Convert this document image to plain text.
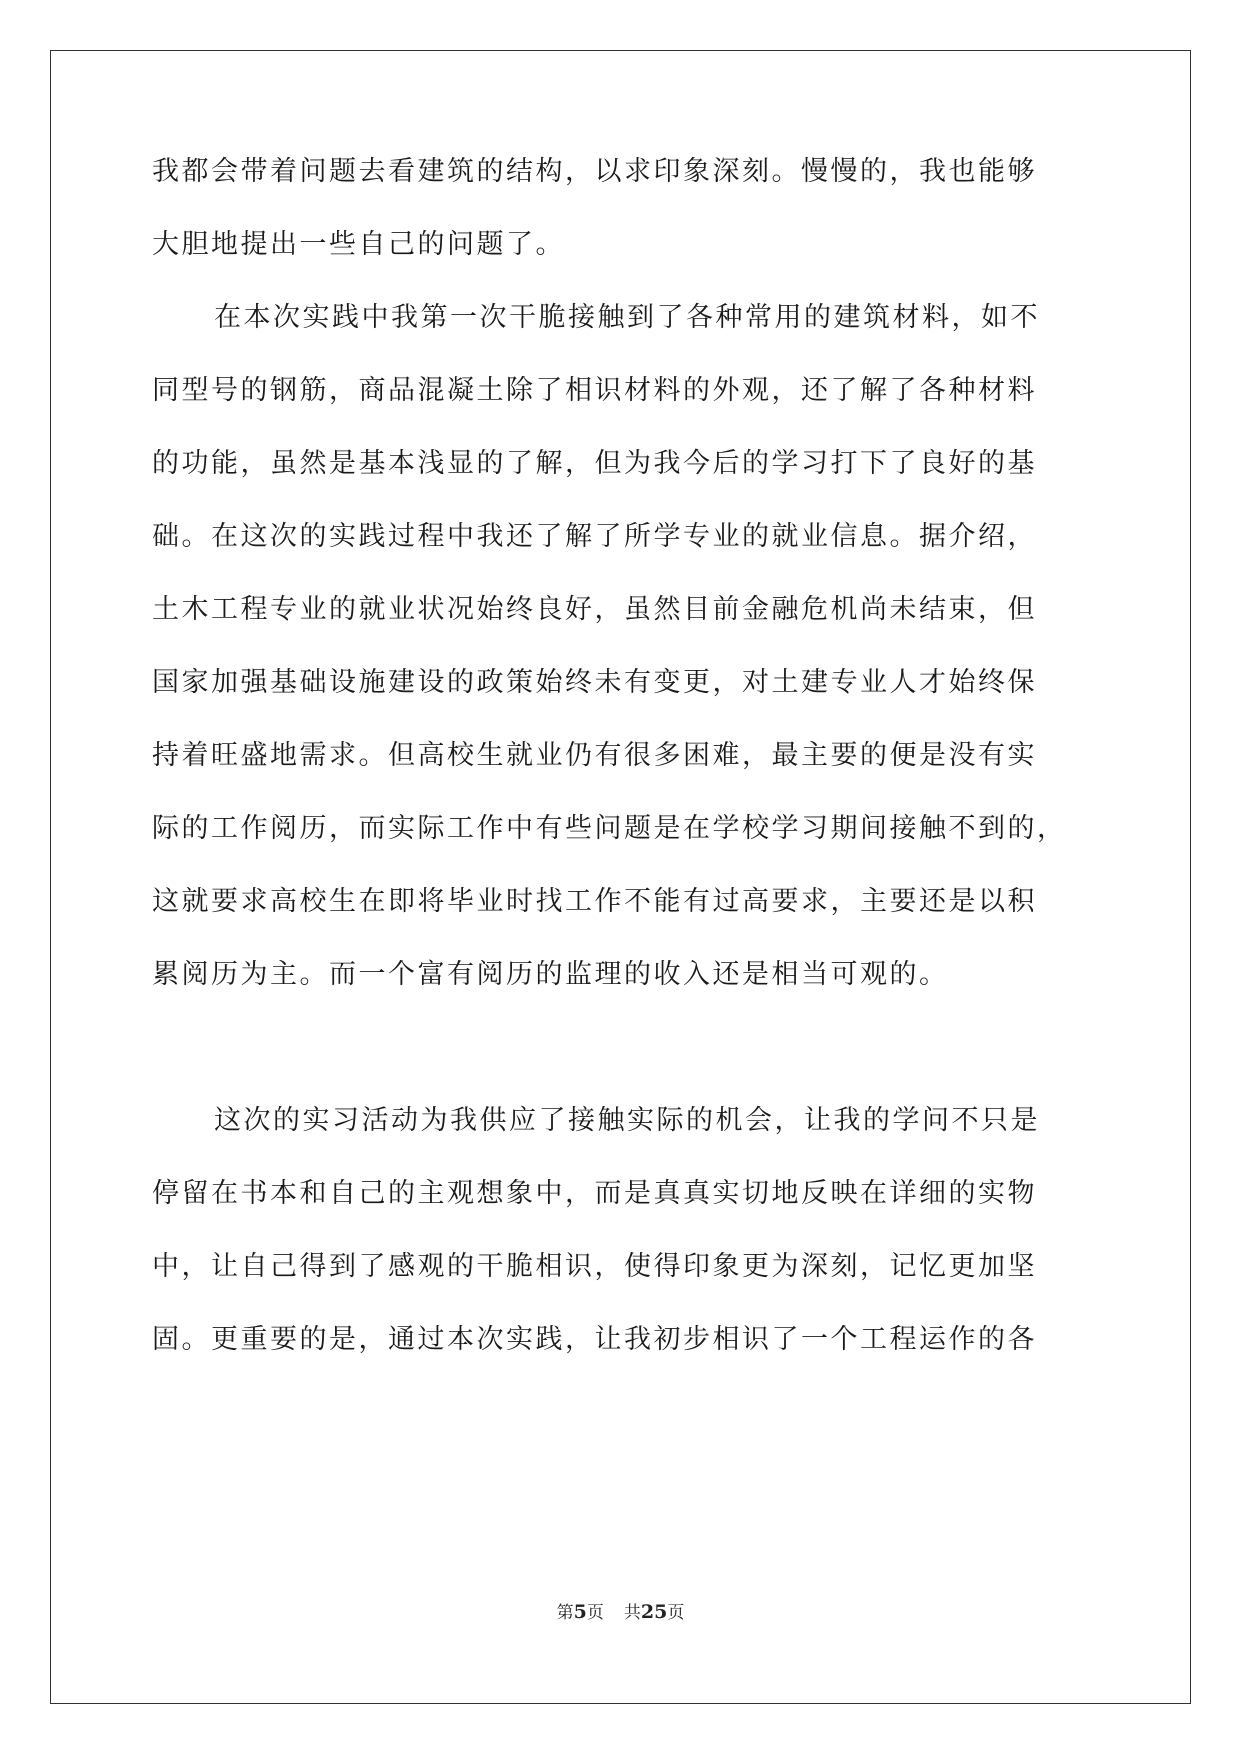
我都会带着问题去看建筑的结构，以求印象深刻。慢慢的，我也能够
大胆地提出一些自己的问题了。
在本次实践中我第一次干脆接触到了各种常用的建筑材料，如不
同型号的钢筋，商品混凝土除了相识材料的外观，还了解了各种材料
的功能，虽然是基本浅显的了解，但为我今后的学习打下了良好的基
础。在这次的实践过程中我还了解了所学专业的就业信息。据介绍，
土木工程专业的就业状况始终良好，虽然目前金融危机尚未结束，但
国家加强基础设施建设的政策始终未有变更，对土建专业人才始终保
持着旺盛地需求。但高校生就业仍有很多困难，最主要的便是没有实
际的工作阅历，而实际工作中有些问题是在学校学习期间接触不到的，
这就要求高校生在即将毕业时找工作不能有过高要求，主要还是以积
累阅历为主。而一个富有阅历的监理的收入还是相当可观的。
这次的实习活动为我供应了接触实际的机会，让我的学问不只是
停留在书本和自己的主观想象中，而是真真实切地反映在详细的实物
中，让自己得到了感观的干脆相识，使得印象更为深刻，记忆更加坚
固。更重要的是，通过本次实践，让我初步相识了一个工程运作的各
第5页 共25页
